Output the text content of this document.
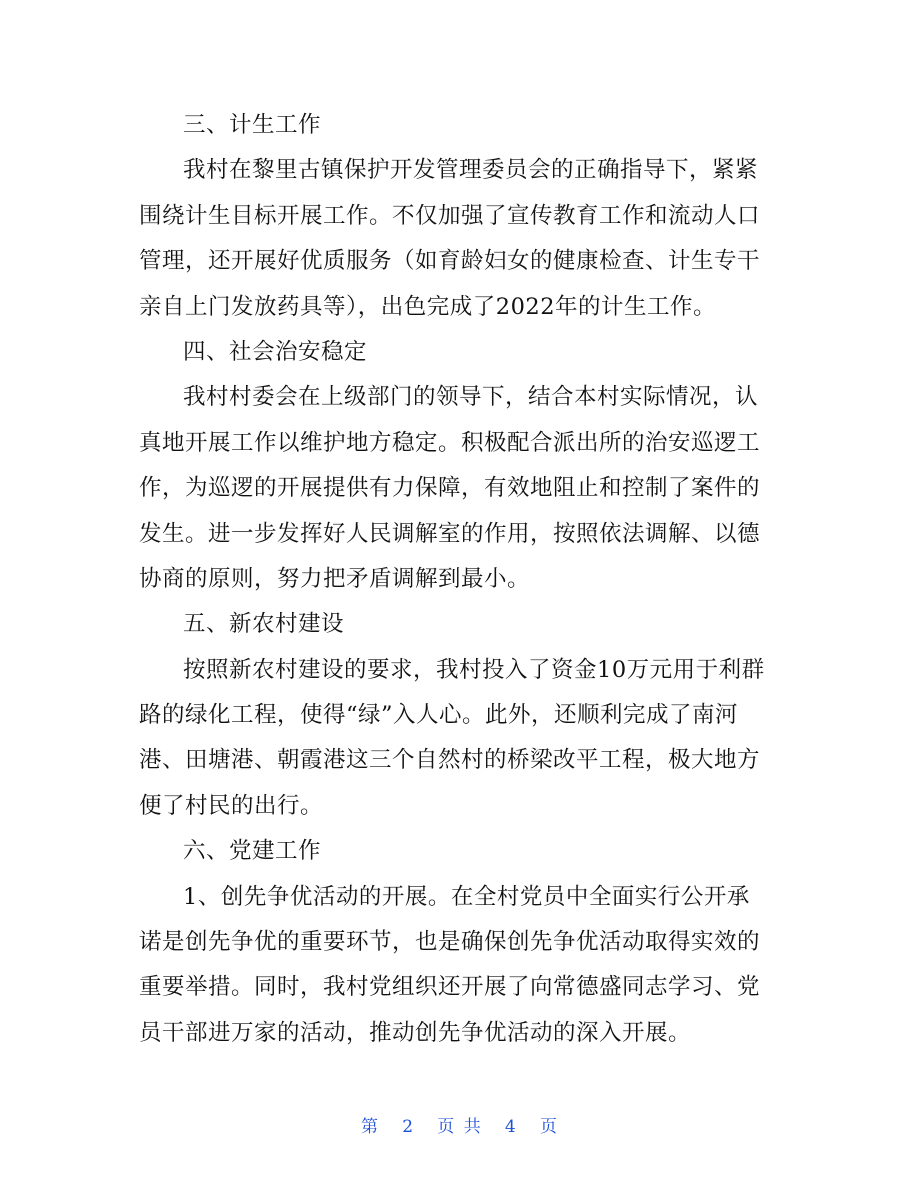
三、计生工作
我村在黎里古镇保护开发管理委员会的正确指导下，紧紧
围绕计生目标开展工作。不仅加强了宣传教育工作和流动人口
管理，还开展好优质服务（如育龄妇女的健康检查、计生专干
亲自上门发放药具等），出色完成了2022年的计生工作。
四、社会治安稳定
我村村委会在上级部门的领导下，结合本村实际情况，认
真地开展工作以维护地方稳定。积极配合派出所的治安巡逻工
作，为巡逻的开展提供有力保障，有效地阻止和控制了案件的
发生。进一步发挥好人民调解室的作用，按照依法调解、以德
协商的原则，努力把矛盾调解到最小。
五、新农村建设
按照新农村建设的要求，我村投入了资金10万元用于利群
路的绿化工程，使得“绿”入人心。此外，还顺利完成了南河
港、田塘港、朝霞港这三个自然村的桥梁改平工程，极大地方
便了村民的出行。
六、党建工作
1、创先争优活动的开展。在全村党员中全面实行公开承
诺是创先争优的重要环节，也是确保创先争优活动取得实效的
重要举措。同时，我村党组织还开展了向常德盛同志学习、党
员干部进万家的活动，推动创先争优活动的深入开展。
第 2 页 共 4 页
